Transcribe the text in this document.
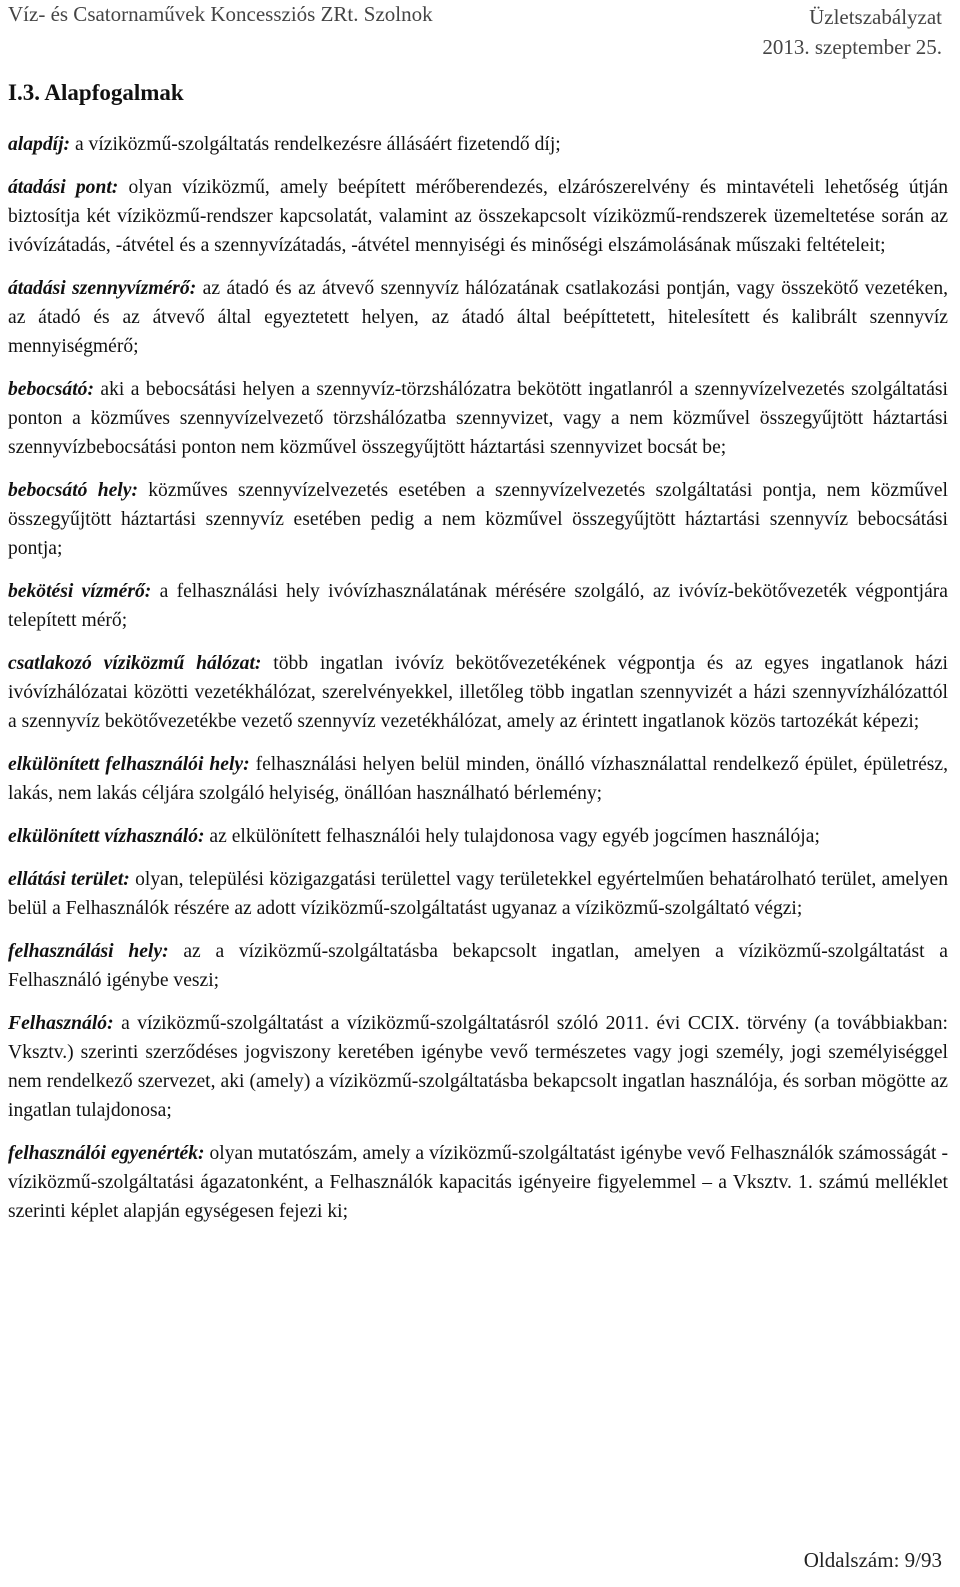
Víz- és Csatornaművek Koncessziós ZRt. Szolnok	Üzletszabályzat
2013. szeptember 25.
I.3. Alapfogalmak

alapdíj: a víziközmű-szolgáltatás rendelkezésre állásáért fizetendő díj;

átadási pont: olyan víziközmű, amely beépített mérőberendezés, elzárószerelvény és mintavételi lehetőség útján biztosítja két víziközmű-rendszer kapcsolatát, valamint az összekapcsolt víziközmű-rendszerek üzemeltetése során az ivóvízátadás, -átvétel és a szennyvízátadás, -átvétel mennyiségi és minőségi elszámolásának műszaki feltételeit;

átadási szennyvízmérő: az átadó és az átvevő szennyvíz hálózatának csatlakozási pontján, vagy összekötő vezetéken, az átadó és az átvevő által egyeztetett helyen, az átadó által beépíttetett, hitelesített és kalibrált szennyvíz mennyiségmérő;

bebocsátó: aki a bebocsátási helyen a szennyvíz-törzshálózatra bekötött ingatlanról a szennyvízelvezetés szolgáltatási ponton a közműves szennyvízelvezető törzshálózatba szennyvizet, vagy a nem közművel összegyűjtött háztartási szennyvízbebocsátási ponton nem közművel összegyűjtött háztartási szennyvizet bocsát be;

bebocsátó hely: közműves szennyvízelvezetés esetében a szennyvízelvezetés szolgáltatási pontja, nem közművel összegyűjtött háztartási szennyvíz esetében pedig a nem közművel összegyűjtött háztartási szennyvíz bebocsátási pontja;

bekötési vízmérő: a felhasználási hely ivóvízhasználatának mérésére szolgáló, az ivóvíz-bekötővezeték végpontjára telepített mérő;

csatlakozó víziközmű hálózat: több ingatlan ivóvíz bekötővezetékének végpontja és az egyes ingatlanok házi ivóvízhálózatai közötti vezetékhálózat, szerelvényekkel, illetőleg több ingatlan szennyvizét a házi szennyvízhálózattól a szennyvíz bekötővezetékbe vezető szennyvíz vezetékhálózat, amely az érintett ingatlanok közös tartozékát képezi;

elkülönített felhasználói hely: felhasználási helyen belül minden, önálló vízhasználattal rendelkező épület, épületrész, lakás, nem lakás céljára szolgáló helyiség, önállóan használható bérlemény;

elkülönített vízhasználó: az elkülönített felhasználói hely tulajdonosa vagy egyéb jogcímen használója;

ellátási terület: olyan, települési közigazgatási területtel vagy területekkel egyértelműen behatárolható terület, amelyen belül a Felhasználók részére az adott víziközmű-szolgáltatást ugyanaz a víziközmű-szolgáltató végzi;

felhasználási hely: az a víziközmű-szolgáltatásba bekapcsolt ingatlan, amelyen a víziközmű-szolgáltatást a Felhasználó igénybe veszi;

Felhasználó: a víziközmű-szolgáltatást a víziközmű-szolgáltatásról szóló 2011. évi CCIX. törvény (a továbbiakban: Vksztv.) szerinti szerződéses jogviszony keretében igénybe vevő természetes vagy jogi személy, jogi személyiséggel nem rendelkező szervezet, aki (amely) a víziközmű-szolgáltatásba bekapcsolt ingatlan használója, és sorban mögötte az ingatlan tulajdonosa;

felhasználói egyenérték: olyan mutatószám, amely a víziközmű-szolgáltatást igénybe vevő Felhasználók számosságát - víziközmű-szolgáltatási ágazatonként, a Felhasználók kapacitás igényeire figyelemmel – a Vksztv. 1. számú melléklet szerinti képlet alapján egységesen fejezi ki;

Oldalszám: 9/93
